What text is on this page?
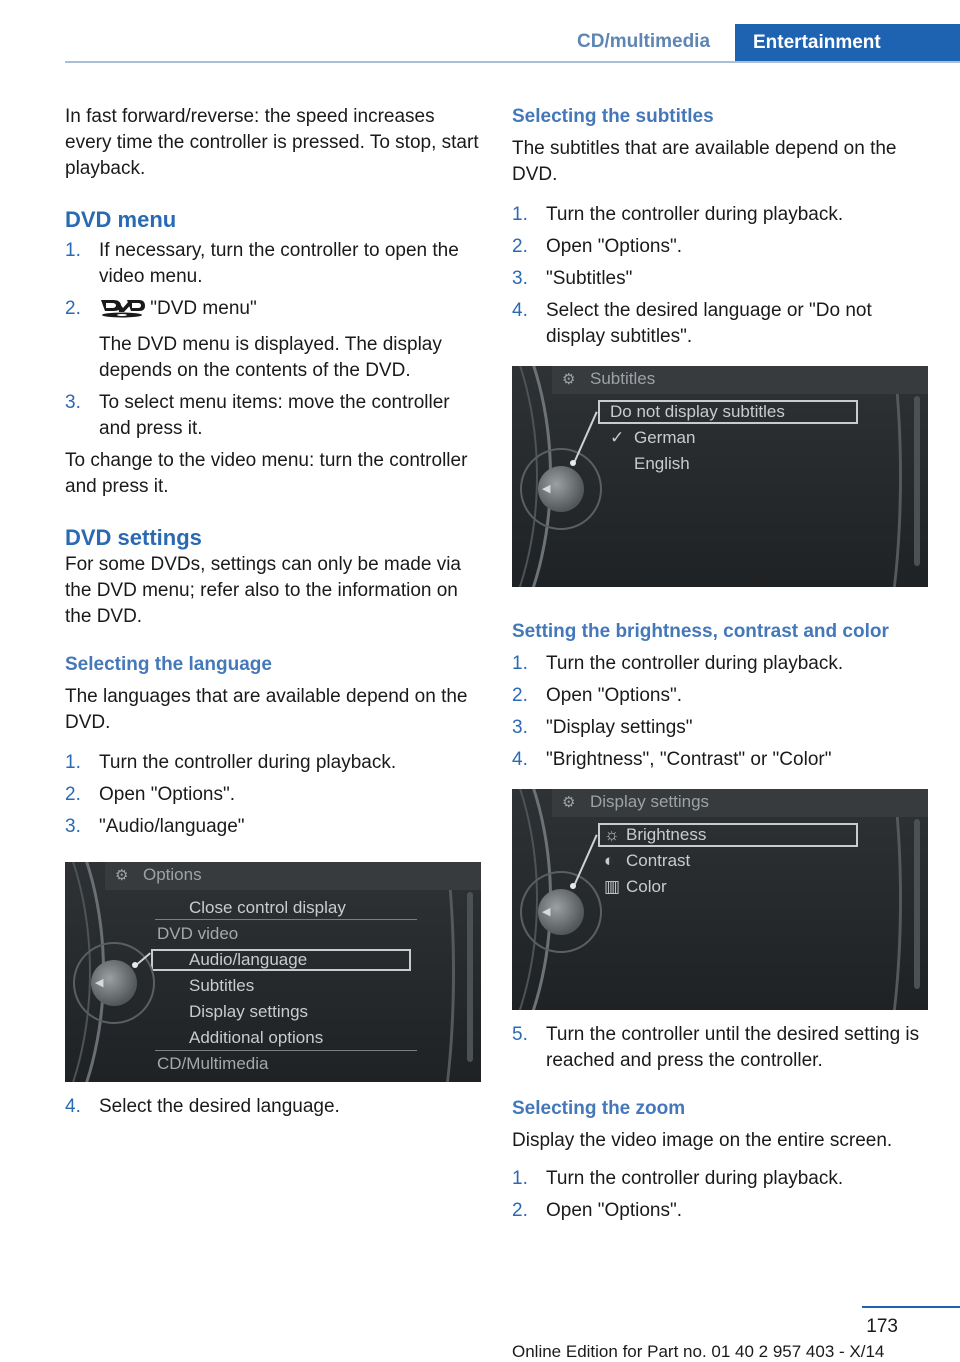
CD/multimedia	Entertainment

In fast forward/reverse: the speed increases every time the controller is pressed. To stop, start playback.

DVD menu
1. If necessary, turn the controller to open the video menu.
2.	"DVD menu"

The DVD menu is displayed. The display depends on the contents of the DVD.

3. To select menu items: move the controller and press it.

To change to the video menu: turn the controller and press it.

DVD settings

For some DVDs, settings can only be made via the DVD menu; refer also to the information on the DVD.

Selecting the language

The languages that are available depend on the DVD.

1. Turn the controller during playback.
2. Open "Options".
3. "Audio/language"
⚙ Options
Close control display
DVD video
Audio/language
Subtitles
Display settings
Additional options
CD/Multimedia
◀
4. Select the desired language.
Selecting the subtitles

The subtitles that are available depend on the DVD.

1. Turn the controller during playback.
2. Open "Options".
3. "Subtitles"
4. Select the desired language or "Do not display subtitles".
⚙ Subtitles
Do not display subtitles
✓ German
English
◀
Setting the brightness, contrast and color
1. Turn the controller during playback.
2. Open "Options".
3. "Display settings"
4. "Brightness", "Contrast" or "Color"
⚙ Display settings
☼ Brightness
◐ Contrast
▥ Color
◀
5. Turn the controller until the desired setting is reached and press the controller.
Selecting the zoom

Display the video image on the entire screen.

1. Turn the controller during playback.
2. Open "Options".
173
Online Edition for Part no. 01 40 2 957 403 - X/14
